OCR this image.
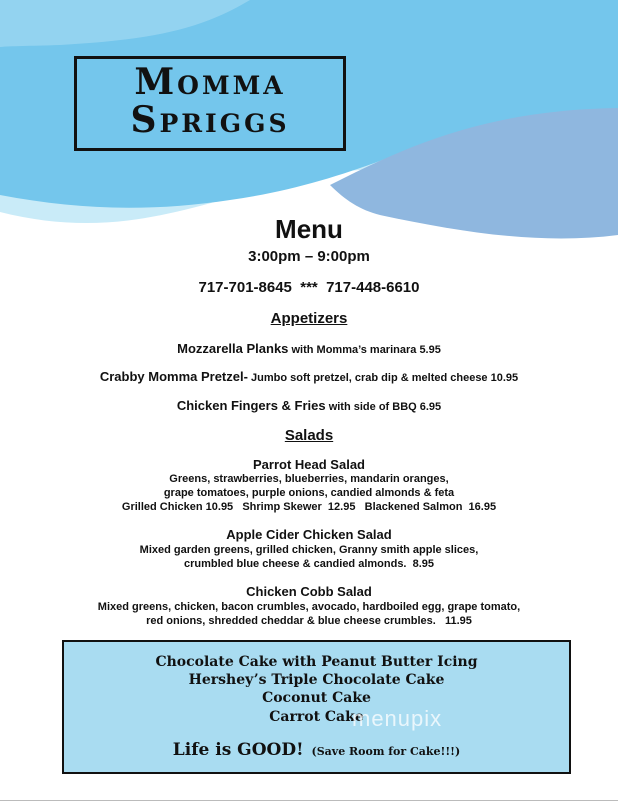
Momma
Spriggs
Menu
3:00pm – 9:00pm
717-701-8645  ***  717-448-6610
Appetizers
Mozzarella Planks with Momma’s marinara 5.95
Crabby Momma Pretzel- Jumbo soft pretzel, crab dip & melted cheese 10.95
Chicken Fingers & Fries with side of BBQ 6.95
Salads
Parrot Head Salad
Greens, strawberries, blueberries, mandarin oranges,
grape tomatoes, purple onions, candied almonds & feta
Grilled Chicken 10.95   Shrimp Skewer  12.95   Blackened Salmon  16.95
Apple Cider Chicken Salad
Mixed garden greens, grilled chicken, Granny smith apple slices,
crumbled blue cheese & candied almonds.  8.95
Chicken Cobb Salad
Mixed greens, chicken, bacon crumbles, avocado, hardboiled egg, grape tomato,
red onions, shredded cheddar & blue cheese crumbles.   11.95
Chocolate Cake with Peanut Butter Icing
Hershey’s Triple Chocolate Cake
Coconut Cake
Carrot Cake
Life is GOOD! (Save Room for Cake!!!)
menupix
